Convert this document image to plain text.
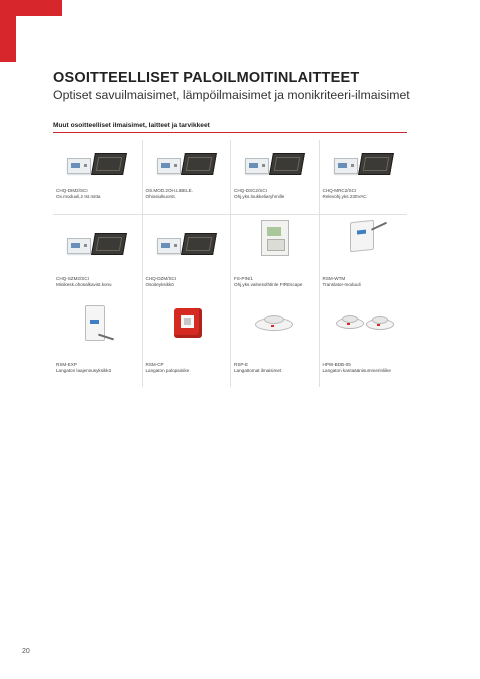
OSOITTEELLISET PALOILMOITINLAITTEET
Optiset savuilmaisimet, lämpöilmaisimet ja monikriteeri-ilmaisimet
Muut osoitteelliset ilmaisimet, laitteet ja tarvikkeet
CHQ-DIM2/SCI
Ox.moduuli,2 tst.mitta
OS.MOD.2OH.LIBELE.
Ohiosiulkuorst.
CHQ-DSC2/SCI
Ohj.yks.loukkeliaryhmille
CHQ-MRC2/SCI
Relevohj.yks.230VAC
CHQ-SZM2/SCI
Minikesk.ohosalkavist.konv.
CHQ-DZM/SCI
Osoiteyksikkö
FS-PIN/1
Ohj.yks.valnesolhtinle FIREscape
RSM-WTM
Translator-moduuli
RSM-EXP
Langaton laajennusyksikkö
RSM-CP
Langaton palopainike
RSP-E
Langattomat ilmaisimet
HPW-BDB-05
Langaton kantaäänisummerinliike
20
